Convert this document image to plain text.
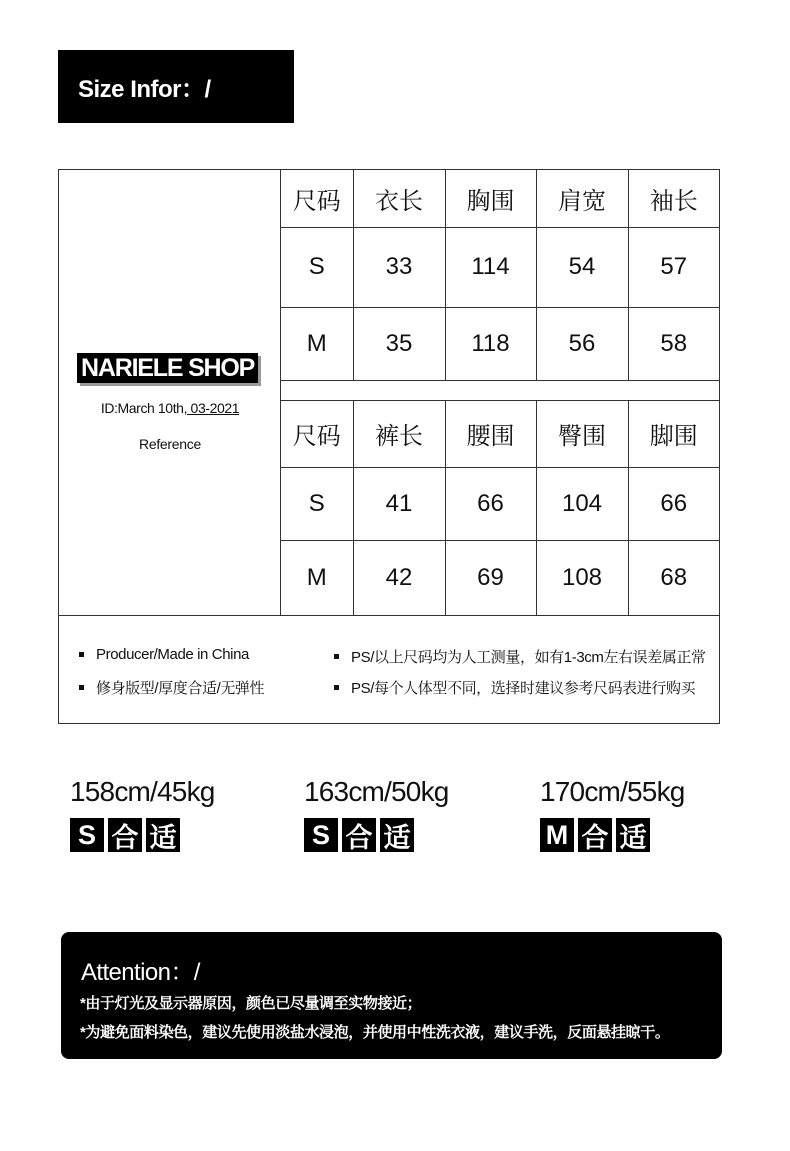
Size Infor：/
NARIELE SHOP
ID:March 10th, 03-2021
Reference
尺码	衣长	胸围	肩宽	袖长
S	33	114	54	57
M	35	118	56	58
尺码	裤长	腰围	臀围	脚围
S	41	66	104	66
M	42	69	108	68
Producer/Made in China
修身版型/厚度合适/无弹性
PS/以上尺码均为人工测量，如有1-3cm左右误差属正常
PS/每个人体型不同，选择时建议参考尺码表进行购买
158cm/45kg
S 合 适
163cm/50kg
S 合 适
170cm/55kg
M 合 适
Attention：/
*由于灯光及显示器原因，颜色已尽量调至实物接近；
*为避免面料染色，建议先使用淡盐水浸泡，并使用中性洗衣液，建议手洗，反面悬挂晾干。
